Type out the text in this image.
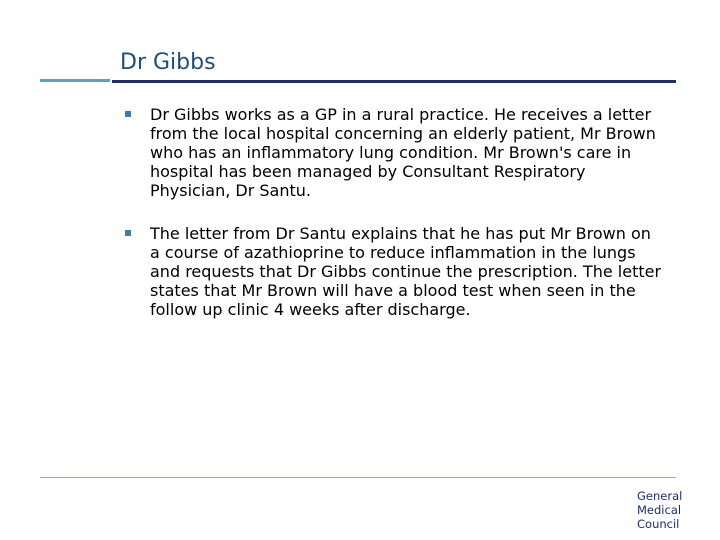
Dr Gibbs
Dr Gibbs works as a GP in a rural practice. He receives a letter from the local hospital concerning an elderly patient, Mr Brown who has an inflammatory lung condition. Mr Brown's care in hospital has been managed by Consultant Respiratory Physician, Dr Santu.
The letter from Dr Santu explains that he has put Mr Brown on a course of azathioprine to reduce inflammation in the lungs and requests that Dr Gibbs continue the prescription. The letter states that Mr Brown will have a blood test when seen in the follow up clinic 4 weeks after discharge.
General
Medical
Council
